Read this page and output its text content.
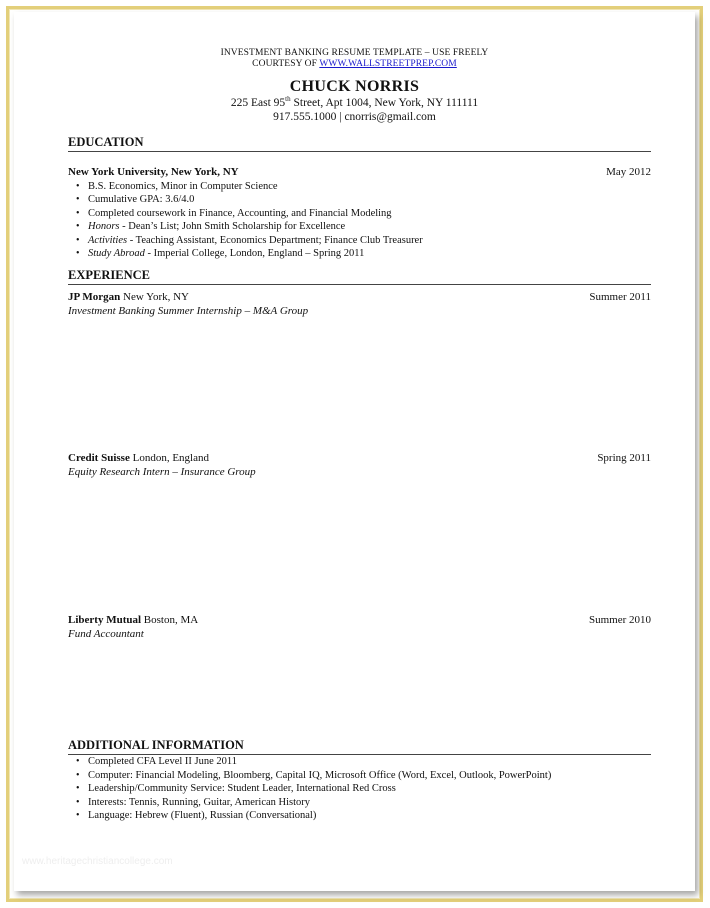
INVESTMENT BANKING RESUME TEMPLATE – USE FREELY
COURTESY OF WWW.WALLSTREETPREP.COM
CHUCK NORRIS
225 East 95th Street, Apt 1004, New York, NY 111111
917.555.1000 | cnorris@gmail.com
EDUCATION
New York University, New York, NY	May 2012
• B.S. Economics, Minor in Computer Science
• Cumulative GPA: 3.6/4.0
• Completed coursework in Finance, Accounting, and Financial Modeling
• Honors - Dean’s List; John Smith Scholarship for Excellence
• Activities - Teaching Assistant, Economics Department; Finance Club Treasurer
• Study Abroad - Imperial College, London, England – Spring 2011
EXPERIENCE
JP Morgan New York, NY	Summer 2011
Investment Banking Summer Internship – M&A Group
Credit Suisse London, England	Spring 2011
Equity Research Intern – Insurance Group
Liberty Mutual Boston, MA	Summer 2010
Fund Accountant
ADDITIONAL INFORMATION
• Completed CFA Level II June 2011
• Computer: Financial Modeling, Bloomberg, Capital IQ, Microsoft Office (Word, Excel, Outlook, PowerPoint)
• Leadership/Community Service: Student Leader, International Red Cross
• Interests: Tennis, Running, Guitar, American History
• Language: Hebrew (Fluent), Russian (Conversational)
www.heritagechristiancollege.com
